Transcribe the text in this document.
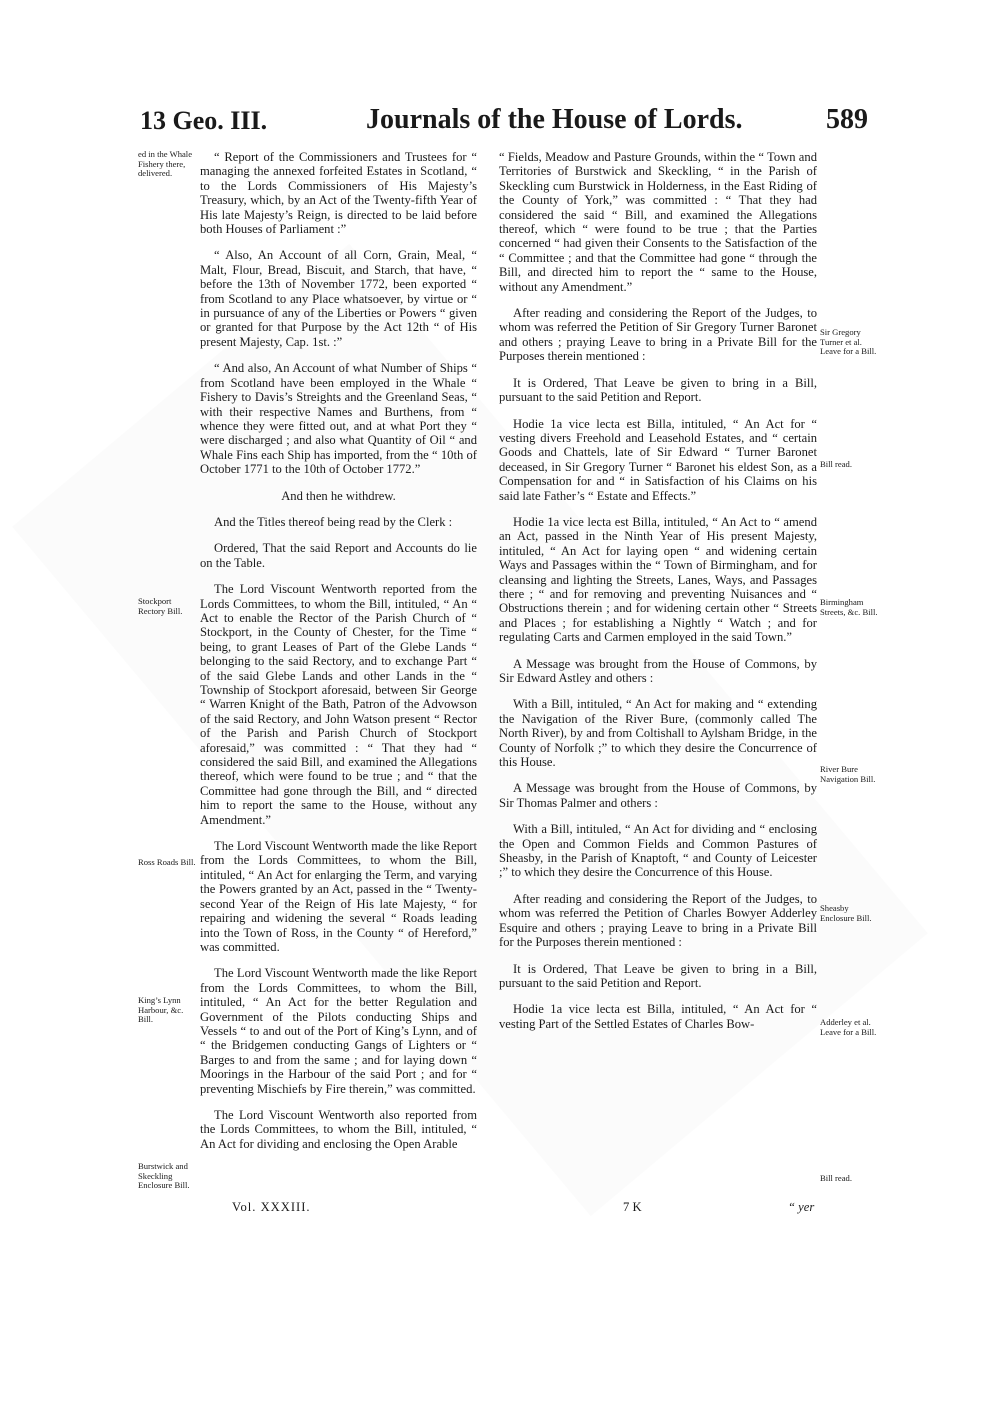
13 Geo. III.	Journals of the House of Lords.	589
ed in the Whale Fishery there, delivered.
Stockport Rectory Bill.
Ross Roads Bill.
King’s Lynn Harbour, &c. Bill.
Burstwick and Skeckling Enclosure Bill.
Sir Gregory Turner et al. Leave for a Bill.
Bill read.
Birmingham Streets, &c. Bill.
River Bure Navigation Bill.
Sheasby Enclosure Bill.
Adderley et al. Leave for a Bill.
Bill read.

“ Report of the Commissioners and Trustees for “ managing the annexed forfeited Estates in Scotland, “ to the Lords Commissioners of His Majesty’s Treasury, which, by an Act of the Twenty-fifth Year of His late Majesty’s Reign, is directed to be laid before both Houses of Parliament :”

“ Also, An Account of all Corn, Grain, Meal, “ Malt, Flour, Bread, Biscuit, and Starch, that have, “ before the 13th of November 1772, been exported “ from Scotland to any Place whatsoever, by virtue or “ in pursuance of any of the Liberties or Powers “ given or granted for that Purpose by the Act 12th “ of His present Majesty, Cap. 1st. :”

“ And also, An Account of what Number of Ships “ from Scotland have been employed in the Whale “ Fishery to Davis’s Streights and the Greenland Seas, “ with their respective Names and Burthens, from “ whence they were fitted out, and at what Port they “ were discharged ; and also what Quantity of Oil “ and Whale Fins each Ship has imported, from the “ 10th of October 1771 to the 10th of October 1772.”

And then he withdrew.

And the Titles thereof being read by the Clerk :

Ordered, That the said Report and Accounts do lie on the Table.

The Lord Viscount Wentworth reported from the Lords Committees, to whom the Bill, intituled, “ An “ Act to enable the Rector of the Parish Church of “ Stockport, in the County of Chester, for the Time “ being, to grant Leases of Part of the Glebe Lands “ belonging to the said Rectory, and to exchange Part “ of the said Glebe Lands and other Lands in the “ Township of Stockport aforesaid, between Sir George “ Warren Knight of the Bath, Patron of the Advowson of the said Rectory, and John Watson present “ Rector of the Parish and Parish Church of Stockport aforesaid,” was committed : “ That they had “ considered the said Bill, and examined the Allegations thereof, which were found to be true ; and “ that the Committee had gone through the Bill, and “ directed him to report the same to the House, without any Amendment.”

The Lord Viscount Wentworth made the like Report from the Lords Committees, to whom the Bill, intituled, “ An Act for enlarging the Term, and varying the Powers granted by an Act, passed in the “ Twenty-second Year of the Reign of His late Majesty, “ for repairing and widening the several “ Roads leading into the Town of Ross, in the County “ of Hereford,” was committed.

The Lord Viscount Wentworth made the like Report from the Lords Committees, to whom the Bill, intituled, “ An Act for the better Regulation and Government of the Pilots conducting Ships and Vessels “ to and out of the Port of King’s Lynn, and of “ the Bridgemen conducting Gangs of Lighters or “ Barges to and from the same ; and for laying down “ Moorings in the Harbour of the said Port ; and for “ preventing Mischiefs by Fire therein,” was committed.

The Lord Viscount Wentworth also reported from the Lords Committees, to whom the Bill, intituled, “ An Act for dividing and enclosing the Open Arable

“ Fields, Meadow and Pasture Grounds, within the “ Town and Territories of Burstwick and Skeckling, “ in the Parish of Skeckling cum Burstwick in Holderness, in the East Riding of the County of York,” was committed : “ That they had considered the said “ Bill, and examined the Allegations thereof, which “ were found to be true ; that the Parties concerned “ had given their Consents to the Satisfaction of the “ Committee ; and that the Committee had gone “ through the Bill, and directed him to report the “ same to the House, without any Amendment.”

After reading and considering the Report of the Judges, to whom was referred the Petition of Sir Gregory Turner Baronet and others ; praying Leave to bring in a Private Bill for the Purposes therein mentioned :

It is Ordered, That Leave be given to bring in a Bill, pursuant to the said Petition and Report.

Hodie 1a vice lecta est Billa, intituled, “ An Act for “ vesting divers Freehold and Leasehold Estates, and “ certain Goods and Chattels, late of Sir Edward “ Turner Baronet deceased, in Sir Gregory Turner “ Baronet his eldest Son, as a Compensation for and “ in Satisfaction of his Claims on his said late Father’s “ Estate and Effects.”

Hodie 1a vice lecta est Billa, intituled, “ An Act to “ amend an Act, passed in the Ninth Year of His present Majesty, intituled, “ An Act for laying open “ and widening certain Ways and Passages within the “ Town of Birmingham, and for cleansing and lighting the Streets, Lanes, Ways, and Passages there ; “ and for removing and preventing Nuisances and “ Obstructions therein ; and for widening certain other “ Streets and Places ; for establishing a Nightly “ Watch ; and for regulating Carts and Carmen employed in the said Town.”

A Message was brought from the House of Commons, by Sir Edward Astley and others :

With a Bill, intituled, “ An Act for making and “ extending the Navigation of the River Bure, (commonly called The North River), by and from Coltishall to Aylsham Bridge, in the County of Norfolk ;” to which they desire the Concurrence of this House.

A Message was brought from the House of Commons, by Sir Thomas Palmer and others :

With a Bill, intituled, “ An Act for dividing and “ enclosing the Open and Common Fields and Common Pastures of Sheasby, in the Parish of Knaptoft, “ and County of Leicester ;” to which they desire the Concurrence of this House.

After reading and considering the Report of the Judges, to whom was referred the Petition of Charles Bowyer Adderley Esquire and others ; praying Leave to bring in a Private Bill for the Purposes therein mentioned :

It is Ordered, That Leave be given to bring in a Bill, pursuant to the said Petition and Report.

Hodie 1a vice lecta est Billa, intituled, “ An Act for “ vesting Part of the Settled Estates of Charles Bow-

Vol. XXXIII.	7 K	“ yer
